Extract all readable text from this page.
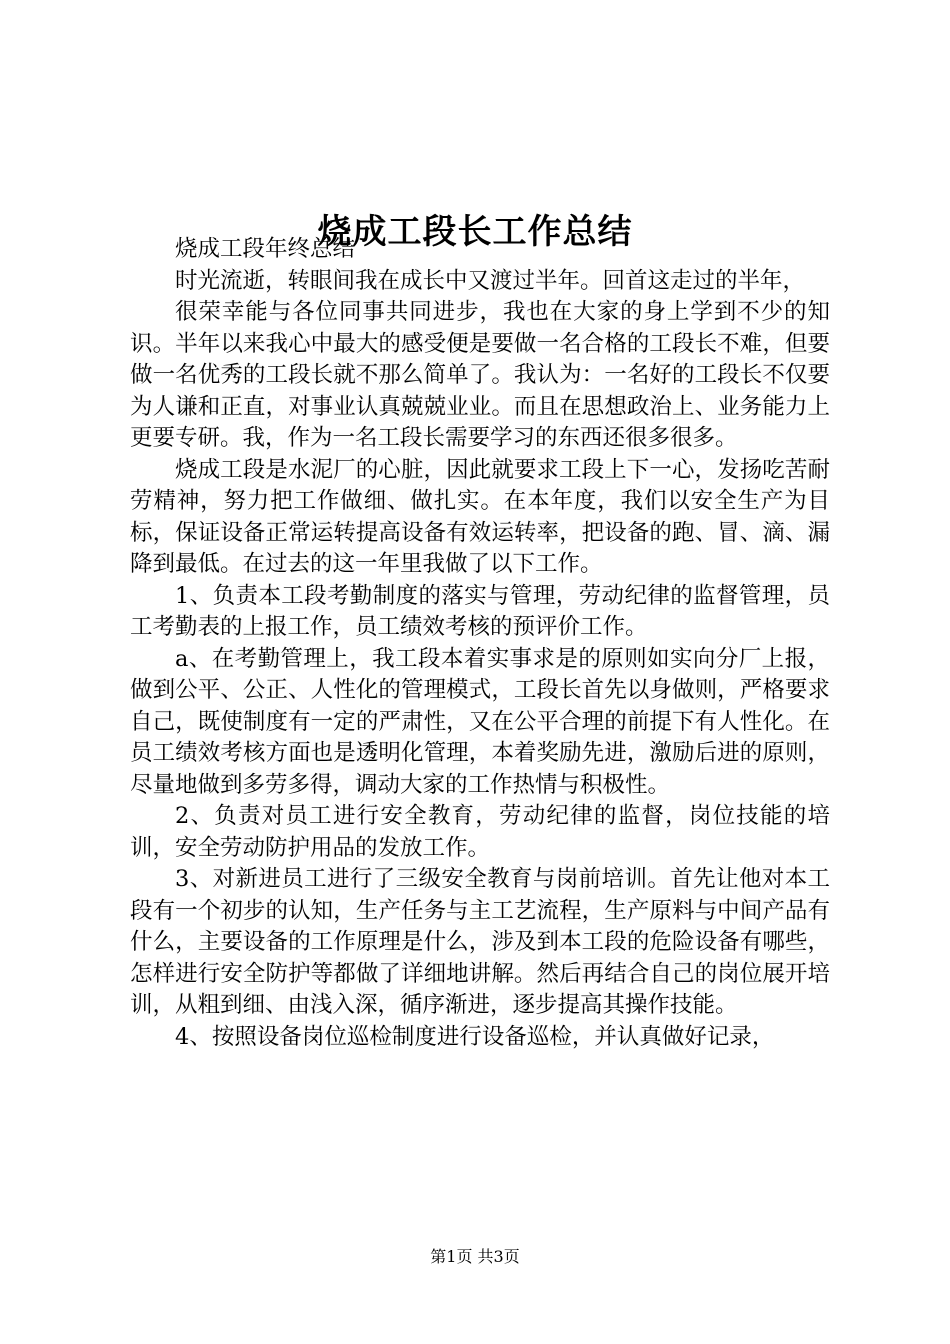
烧成工段长工作总结

烧成工段年终总结

时光流逝，转眼间我在成长中又渡过半年。回首这走过的半年，

很荣幸能与各位同事共同进步，我也在大家的身上学到不少的知识。半年以来我心中最大的感受便是要做一名合格的工段长不难，但要做一名优秀的工段长就不那么简单了。我认为：一名好的工段长不仅要为人谦和正直，对事业认真兢兢业业。而且在思想政治上、业务能力上更要专研。我，作为一名工段长需要学习的东西还很多很多。

烧成工段是水泥厂的心脏，因此就要求工段上下一心，发扬吃苦耐劳精神，努力把工作做细、做扎实。在本年度，我们以安全生产为目标，保证设备正常运转提高设备有效运转率，把设备的跑、冒、滴、漏降到最低。在过去的这一年里我做了以下工作。

1、负责本工段考勤制度的落实与管理，劳动纪律的监督管理，员工考勤表的上报工作，员工绩效考核的预评价工作。

a、在考勤管理上，我工段本着实事求是的原则如实向分厂上报，做到公平、公正、人性化的管理模式，工段长首先以身做则，严格要求自己，既使制度有一定的严肃性，又在公平合理的前提下有人性化。在员工绩效考核方面也是透明化管理，本着奖励先进，激励后进的原则，尽量地做到多劳多得，调动大家的工作热情与积极性。

2、负责对员工进行安全教育，劳动纪律的监督，岗位技能的培训，安全劳动防护用品的发放工作。

3、对新进员工进行了三级安全教育与岗前培训。首先让他对本工段有一个初步的认知，生产任务与主工艺流程，生产原料与中间产品有什么，主要设备的工作原理是什么，涉及到本工段的危险设备有哪些，怎样进行安全防护等都做了详细地讲解。然后再结合自己的岗位展开培训，从粗到细、由浅入深，循序渐进，逐步提高其操作技能。

4、按照设备岗位巡检制度进行设备巡检，并认真做好记录，

第1页 共3页
